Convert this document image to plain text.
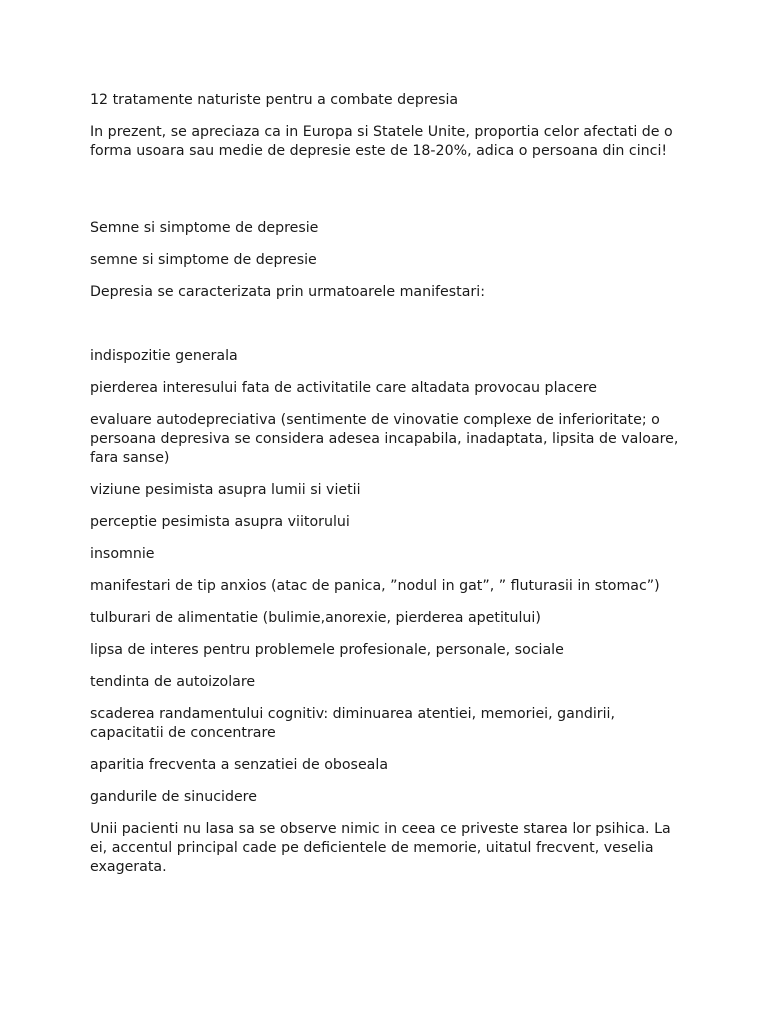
12 tratamente naturiste pentru a combate depresia

In prezent, se apreciaza ca in Europa si Statele Unite, proportia celor afectati de o forma usoara sau medie de depresie este de 18-20%, adica o persoana din cinci!

Semne si simptome de depresie

semne si simptome de depresie

Depresia se caracterizata prin urmatoarele manifestari:

indispozitie generala

pierderea interesului fata de activitatile care altadata provocau placere

evaluare autodepreciativa (sentimente de vinovatie complexe de inferioritate; o persoana depresiva se considera adesea incapabila, inadaptata, lipsita de valoare, fara sanse)

viziune pesimista asupra lumii si vietii

perceptie pesimista asupra viitorului

insomnie

manifestari de tip anxios (atac de panica, ”nodul in gat”, ” fluturasii in stomac”)

tulburari de alimentatie (bulimie,anorexie, pierderea apetitului)

lipsa de interes pentru problemele profesionale, personale, sociale

tendinta de autoizolare

scaderea randamentului cognitiv: diminuarea atentiei, memoriei, gandirii, capacitatii de concentrare

aparitia frecventa a senzatiei de oboseala

gandurile de sinucidere

Unii pacienti nu lasa sa se observe nimic in ceea ce priveste starea lor psihica. La ei, accentul principal cade pe deficientele de memorie, uitatul frecvent, veselia exagerata.
